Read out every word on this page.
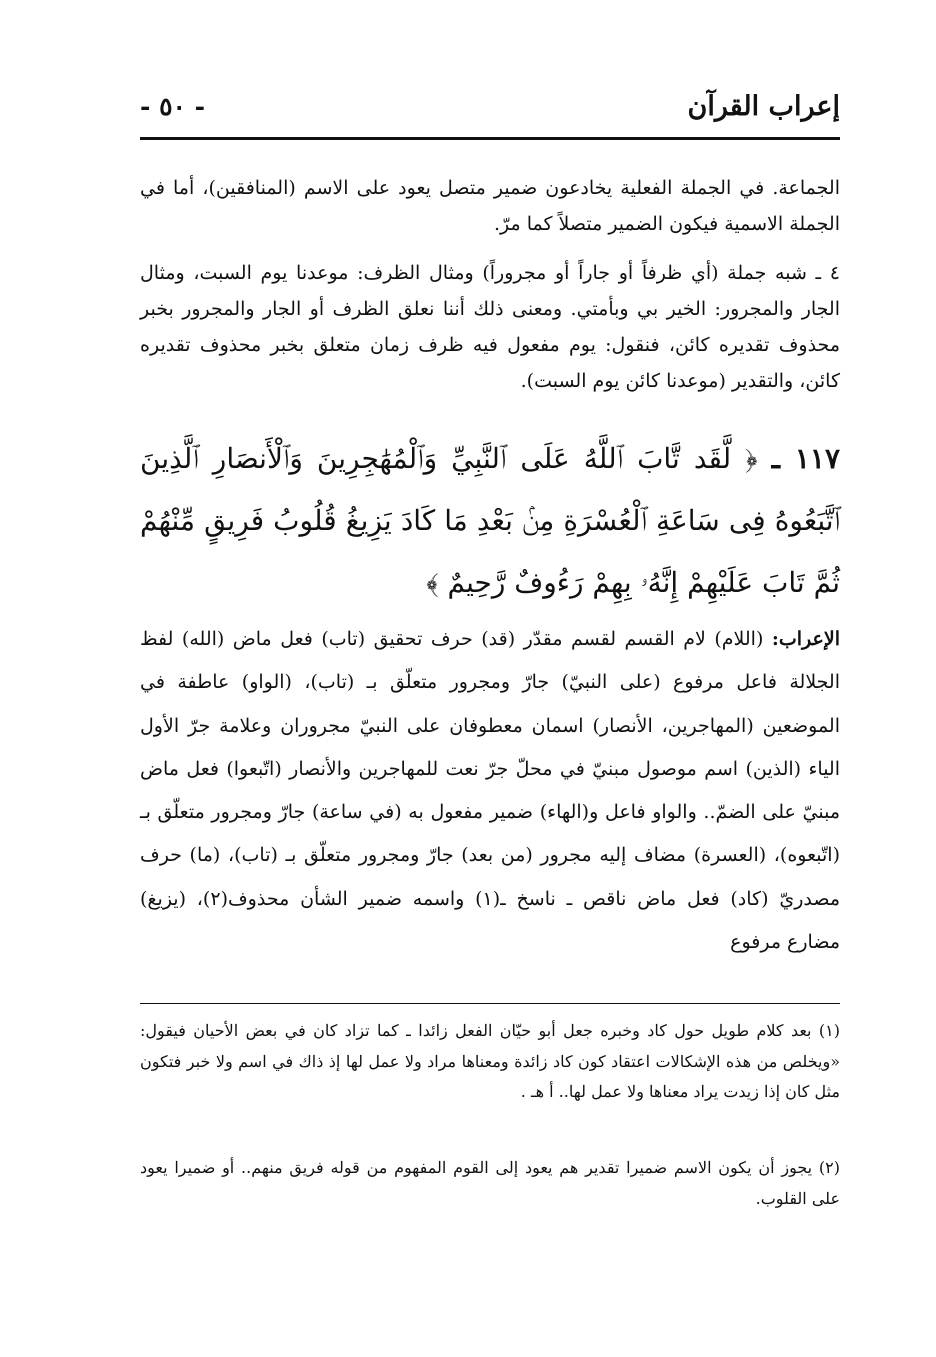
إعراب القرآن
- ٥٠ -

الجماعة. في الجملة الفعلية يخادعون ضمير متصل يعود على الاسم (المنافقين)، أما في الجملة الاسمية فيكون الضمير متصلاً كما مرّ.

٤ ـ شبه جملة (أي ظرفاً أو جاراً أو مجروراً) ومثال الظرف: موعدنا يوم السبت، ومثال الجار والمجرور: الخير بي وبأمتي. ومعنى ذلك أننا نعلق الظرف أو الجار والمجرور بخبر محذوف تقديره كائن، فنقول: يوم مفعول فيه ظرف زمان متعلق بخبر محذوف تقديره كائن، والتقدير (موعدنا كائن يوم السبت).

١١٧ ـ ﴿ لَّقَد تَّابَ ٱللَّهُ عَلَى ٱلنَّبِيِّ وَٱلْمُهَٰجِرِينَ وَٱلْأَنصَارِ ٱلَّذِينَ ٱتَّبَعُوهُ فِى سَاعَةِ ٱلْعُسْرَةِ مِنۢ بَعْدِ مَا كَادَ يَزِيغُ قُلُوبُ فَرِيقٍ مِّنْهُمْ ثُمَّ تَابَ عَلَيْهِمْ إِنَّهُۥ بِهِمْ رَءُوفٌ رَّحِيمٌ ﴾

الإعراب: (اللام) لام القسم لقسم مقدّر (قد) حرف تحقيق (تاب) فعل ماض (الله) لفظ الجلالة فاعل مرفوع (على النبيّ) جارّ ومجرور متعلّق بـ (تاب)، (الواو) عاطفة في الموضعين (المهاجرين، الأنصار) اسمان معطوفان على النبيّ مجروران وعلامة جرّ الأول الياء (الذين) اسم موصول مبنيّ في محلّ جرّ نعت للمهاجرين والأنصار (اتّبعوا) فعل ماض مبنيّ على الضمّ.. والواو فاعل و(الهاء) ضمير مفعول به (في ساعة) جارّ ومجرور متعلّق بـ (اتّبعوه)، (العسرة) مضاف إليه مجرور (من بعد) جارّ ومجرور متعلّق بـ (تاب)، (ما) حرف مصدريّ (كاد) فعل ماض ناقص ـ ناسخ ـ(١) واسمه ضمير الشأن محذوف(٢)، (يزيغ) مضارع مرفوع

(١) بعد كلام طويل حول كاد وخبره جعل أبو حيّان الفعل زائدا ـ كما تزاد كان في بعض الأحيان فيقول: «ويخلص من هذه الإشكالات اعتقاد كون كاد زائدة ومعناها مراد ولا عمل لها إذ ذاك في اسم ولا خبر فتكون مثل كان إذا زيدت يراد معناها ولا عمل لها.. أ هـ .

(٢) يجوز أن يكون الاسم ضميرا تقدير هم يعود إلى القوم المفهوم من قوله فريق منهم.. أو ضميرا يعود على القلوب.
